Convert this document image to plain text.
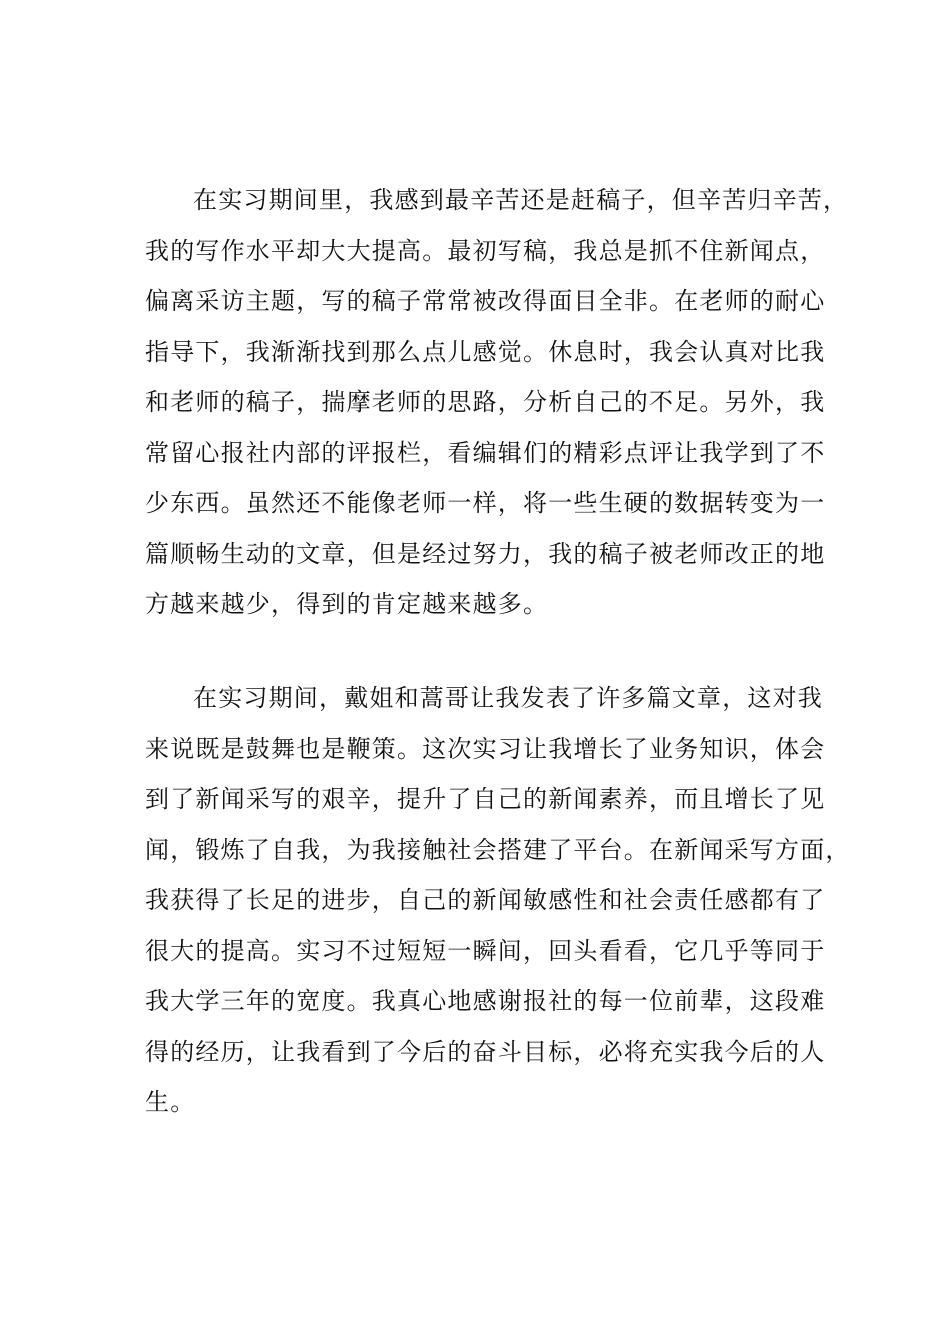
在实习期间里，我感到最辛苦还是赶稿子，但辛苦归辛苦，
我的写作水平却大大提高。最初写稿，我总是抓不住新闻点，
偏离采访主题，写的稿子常常被改得面目全非。在老师的耐心
指导下，我渐渐找到那么点儿感觉。休息时，我会认真对比我
和老师的稿子，揣摩老师的思路，分析自己的不足。另外，我
常留心报社内部的评报栏，看编辑们的精彩点评让我学到了不
少东西。虽然还不能像老师一样，将一些生硬的数据转变为一
篇顺畅生动的文章，但是经过努力，我的稿子被老师改正的地
方越来越少，得到的肯定越来越多。
在实习期间，戴姐和蒿哥让我发表了许多篇文章，这对我
来说既是鼓舞也是鞭策。这次实习让我增长了业务知识，体会
到了新闻采写的艰辛，提升了自己的新闻素养，而且增长了见
闻，锻炼了自我，为我接触社会搭建了平台。在新闻采写方面，
我获得了长足的进步，自己的新闻敏感性和社会责任感都有了
很大的提高。实习不过短短一瞬间，回头看看，它几乎等同于
我大学三年的宽度。我真心地感谢报社的每一位前辈，这段难
得的经历，让我看到了今后的奋斗目标，必将充实我今后的人
生。
